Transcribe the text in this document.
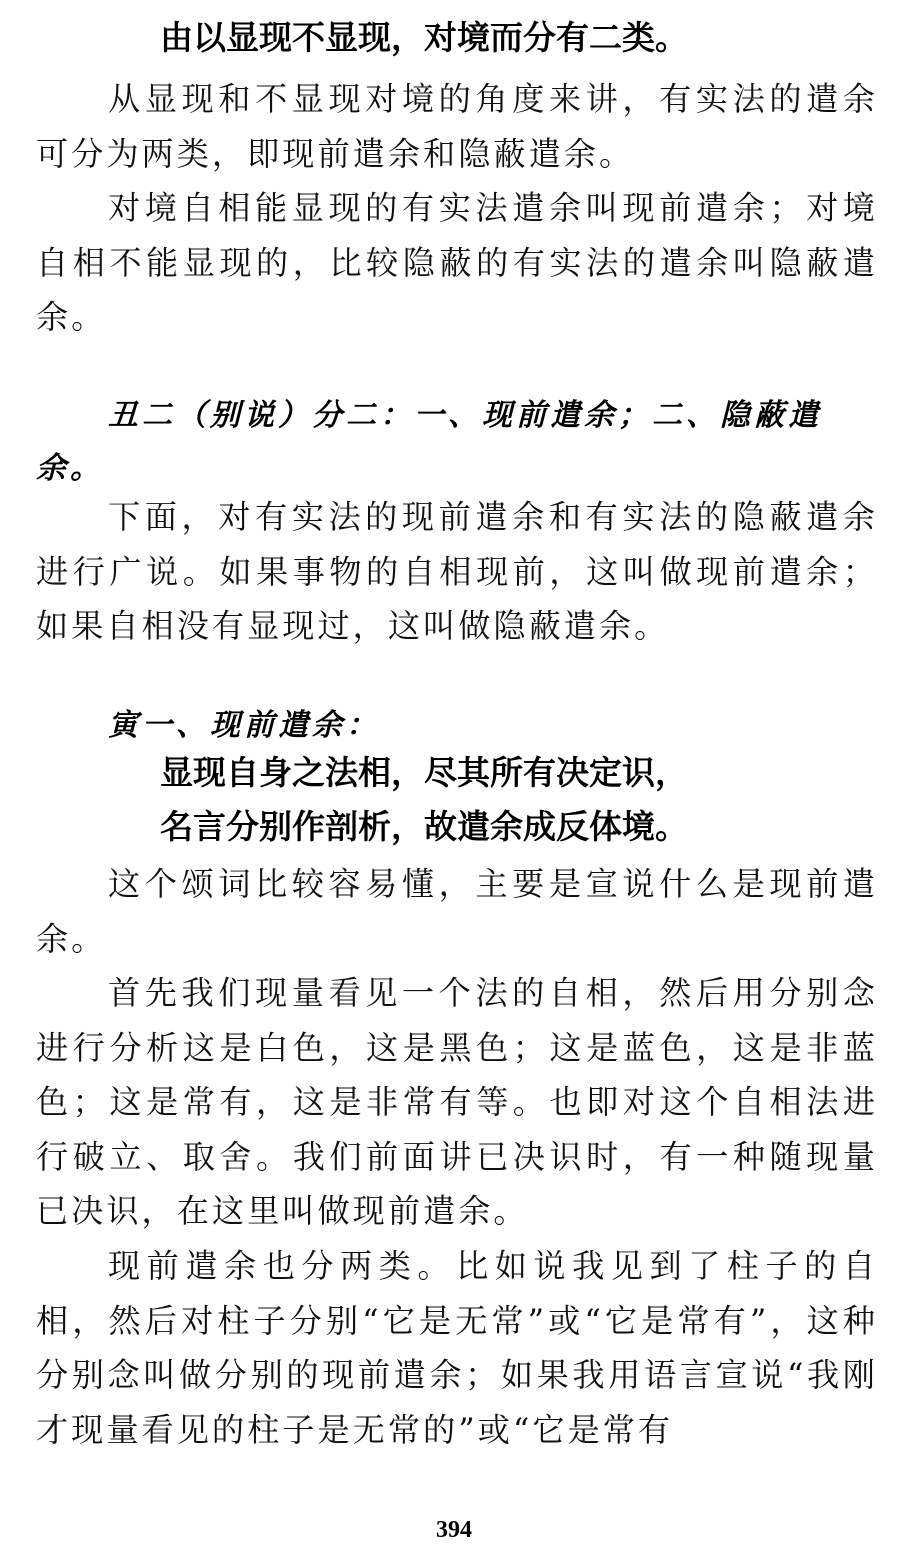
由以显现不显现，对境而分有二类。
从显现和不显现对境的角度来讲，有实法的遣余可分为两类，即现前遣余和隐蔽遣余。
对境自相能显现的有实法遣余叫现前遣余；对境自相不能显现的，比较隐蔽的有实法的遣余叫隐蔽遣余。
丑二（别说）分二：一、现前遣余；二、隐蔽遣
余。
下面，对有实法的现前遣余和有实法的隐蔽遣余进行广说。如果事物的自相现前，这叫做现前遣余；如果自相没有显现过，这叫做隐蔽遣余。
寅一、现前遣余：
显现自身之法相，尽其所有决定识，
名言分别作剖析，故遣余成反体境。
这个颂词比较容易懂，主要是宣说什么是现前遣余。
首先我们现量看见一个法的自相，然后用分别念进行分析这是白色，这是黑色；这是蓝色，这是非蓝色；这是常有，这是非常有等。也即对这个自相法进行破立、取舍。我们前面讲已决识时，有一种随现量已决识，在这里叫做现前遣余。
现前遣余也分两类。比如说我见到了柱子的自相，然后对柱子分别“它是无常”或“它是常有”，这种分别念叫做分别的现前遣余；如果我用语言宣说“我刚才现量看见的柱子是无常的”或“它是常有
394
